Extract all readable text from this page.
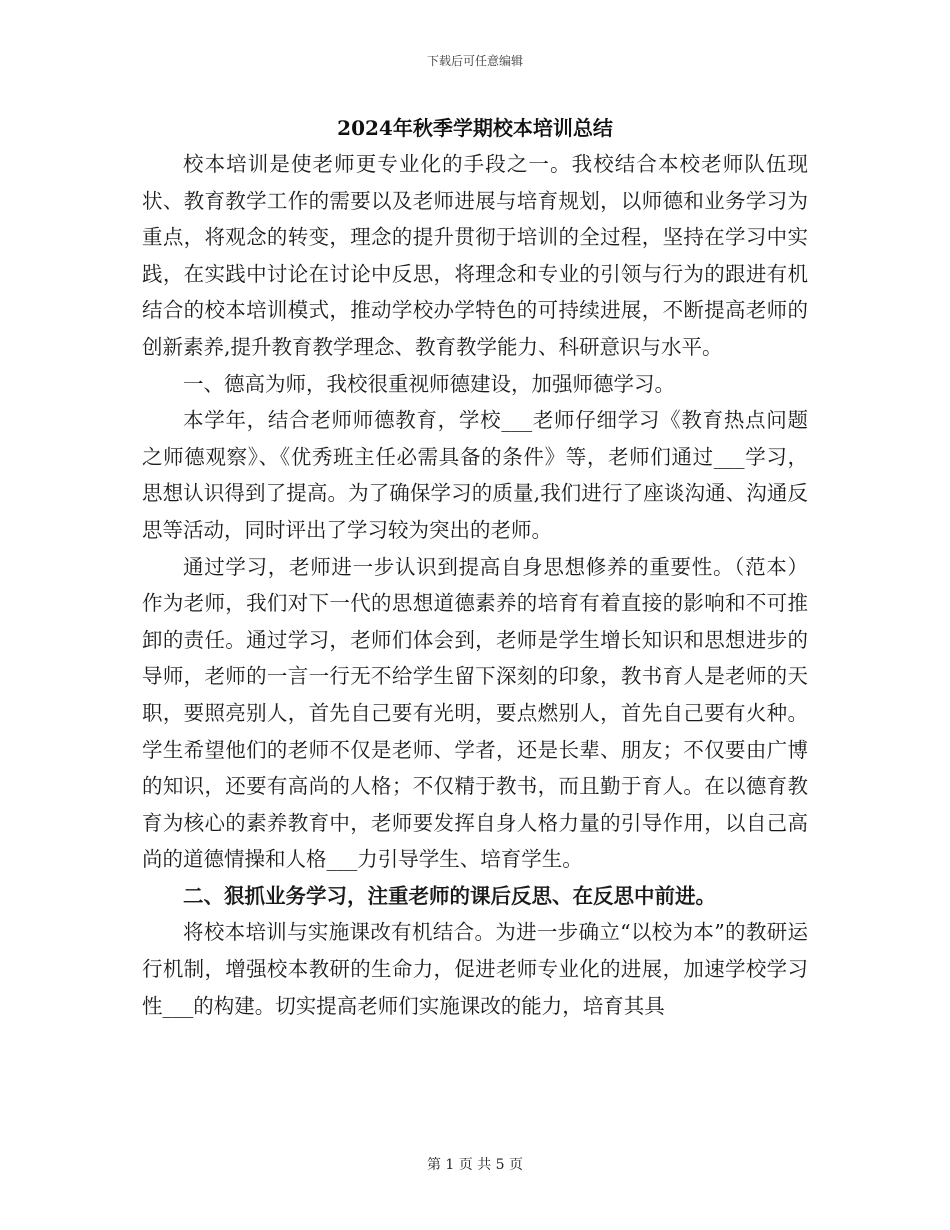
下载后可任意编辑
2024年秋季学期校本培训总结

校本培训是使老师更专业化的手段之一。我校结合本校老师队伍现状、教育教学工作的需要以及老师进展与培育规划，以师德和业务学习为重点，将观念的转变，理念的提升贯彻于培训的全过程，坚持在学习中实践，在实践中讨论在讨论中反思，将理念和专业的引领与行为的跟进有机结合的校本培训模式，推动学校办学特色的可持续进展，不断提高老师的创新素养,提升教育教学理念、教育教学能力、科研意识与水平。

一、德高为师，我校很重视师德建设，加强师德学习。

本学年，结合老师师德教育，学校___老师仔细学习《教育热点问题之师德观察》、《优秀班主任必需具备的条件》等，老师们通过___学习，思想认识得到了提高。为了确保学习的质量,我们进行了座谈沟通、沟通反思等活动，同时评出了学习较为突出的老师。

通过学习，老师进一步认识到提高自身思想修养的重要性。（范本）作为老师，我们对下一代的思想道德素养的培育有着直接的影响和不可推卸的责任。通过学习，老师们体会到，老师是学生增长知识和思想进步的导师，老师的一言一行无不给学生留下深刻的印象，教书育人是老师的天职，要照亮别人，首先自己要有光明，要点燃别人，首先自己要有火种。学生希望他们的老师不仅是老师、学者，还是长辈、朋友；不仅要由广博的知识，还要有高尚的人格；不仅精于教书，而且勤于育人。在以德育教育为核心的素养教育中，老师要发挥自身人格力量的引导作用，以自己高尚的道德情操和人格___力引导学生、培育学生。

二、狠抓业务学习，注重老师的课后反思、在反思中前进。

将校本培训与实施课改有机结合。为进一步确立“以校为本”的教研运行机制，增强校本教研的生命力，促进老师专业化的进展，加速学校学习性___的构建。切实提高老师们实施课改的能力，培育其具

第 1 页 共 5 页
